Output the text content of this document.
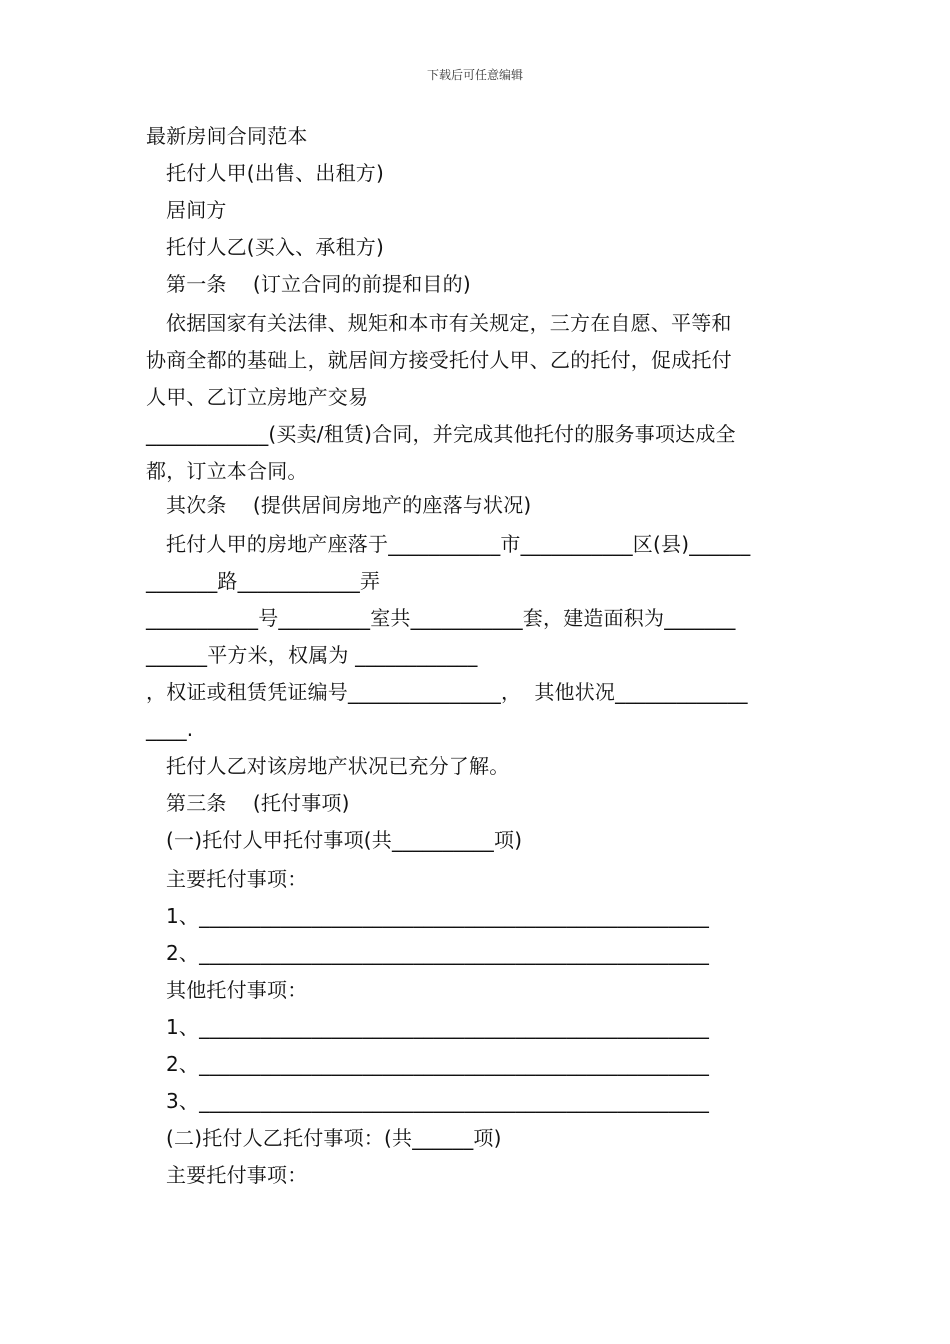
下载后可任意编辑
最新房间合同范本
托付人甲(出售、出租方)
居间方
托付人乙(买入、承租方)
第一条    (订立合同的前提和目的)
依据国家有关法律、规矩和本市有关规定，三方在自愿、平等和
协商全都的基础上，就居间方接受托付人甲、乙的托付，促成托付
人甲、乙订立房地产交易
____________(买卖/租赁)合同，并完成其他托付的服务事项达成全
都，订立本合同。
其次条    (提供居间房地产的座落与状况)
托付人甲的房地产座落于___________市___________区(县)______
_______路____________弄
___________号_________室共___________套，建造面积为_______
______平方米，权属为 ____________
，权证或租赁凭证编号_______________，  其他状况_____________
____.
托付人乙对该房地产状况已充分了解。
第三条    (托付事项)
(一)托付人甲托付事项(共__________项)
主要托付事项：
1、__________________________________________________
2、__________________________________________________
其他托付事项：
1、__________________________________________________
2、__________________________________________________
3、__________________________________________________
(二)托付人乙托付事项：(共______项)
主要托付事项：
